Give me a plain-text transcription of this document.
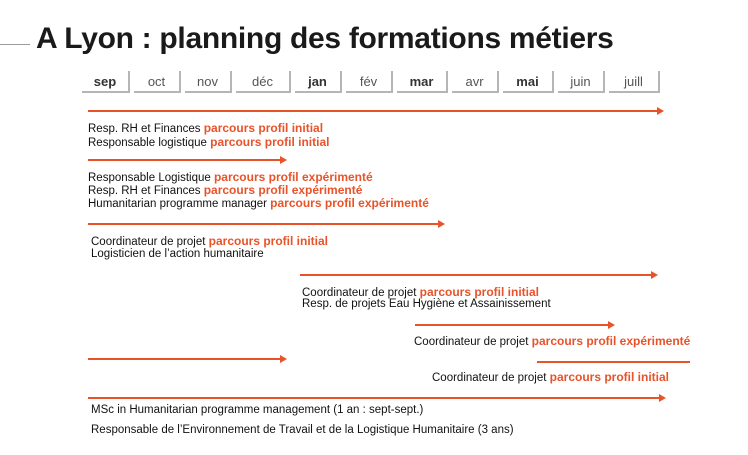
A Lyon : planning des formations métiers
sep	oct	nov	déc	jan	fév	mar	avr	mai	juin	juill
Resp. RH et Finances parcours profil initial
Responsable logistique parcours profil initial
Responsable Logistique parcours profil expérimenté
Resp. RH et Finances parcours profil expérimenté
Humanitarian programme manager parcours profil expérimenté
Coordinateur de projet parcours profil initial
Logisticien de l’action humanitaire
Coordinateur de projet parcours profil initial
Resp. de projets Eau Hygiène et Assainissement
Coordinateur de projet parcours profil expérimenté
Coordinateur de projet parcours profil initial
MSc in Humanitarian programme management (1 an : sept-sept.)
Responsable de l’Environnement de Travail et de la Logistique Humanitaire (3 ans)
